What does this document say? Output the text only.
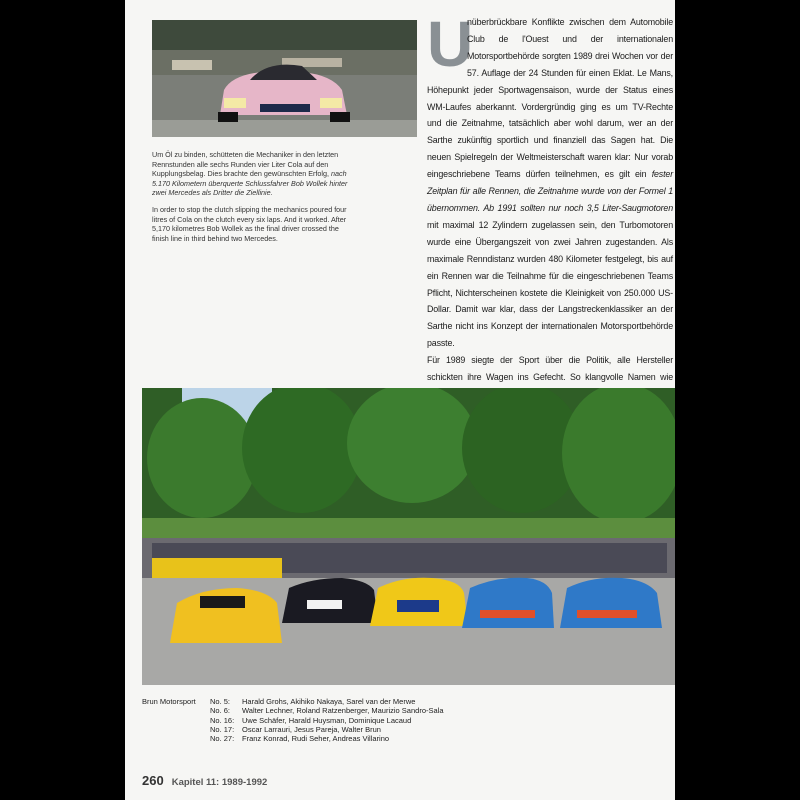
Um Öl zu binden, schütteten die Mechaniker in den letzten Rennstunden alle sechs Runden vier Liter Cola auf den Kupplungsbelag. Dies brachte den gewünschten Erfolg, nach 5.170 Kilometern überquerte Schlussfahrer Bob Wollek hinter zwei Mercedes als Dritter die Ziellinie.

In order to stop the clutch slipping the mechanics poured four litres of Cola on the clutch every six laps. And it worked. After 5,170 kilometres Bob Wollek as the final driver crossed the finish line in third behind two Mercedes.

U

nüberbrückbare Konflikte zwischen dem Automobile Club de l'Ouest und der internationalen Motorsportbehörde sorgten 1989 drei Wochen vor der 57. Auflage der 24 Stunden für einen Eklat. Le Mans, Höhepunkt jeder Sportwagensaison, wurde der Status eines WM-Laufes aberkannt. Vordergründig ging es um TV-Rechte und die Zeitnahme, tatsächlich aber wohl darum, wer an der Sarthe zukünftig sportlich und finanziell das Sagen hat. Die neuen Spielregeln der Weltmeisterschaft waren klar: Nur vorab eingeschriebene Teams dürfen teilnehmen, es gilt ein fester Zeitplan für alle Rennen, die Zeitnahme wurde von der Formel 1 übernommen. Ab 1991 sollten nur noch 3,5 Liter-Saugmotoren mit maximal 12 Zylindern zugelassen sein, den Turbomotoren wurde eine Übergangszeit von zwei Jahren zugestanden. Als maximale Renndistanz wurden 480 Kilometer festgelegt, bis auf ein Rennen war die Teilnahme für die eingeschriebenen Teams Pflicht, Nichterscheinen kostete die Kleinigkeit von 250.000 US-Dollar. Damit war klar, dass der Langstreckenklassiker an der Sarthe nicht ins Konzept der internationalen Motorsportbehörde passte.
Für 1989 siegte der Sport über die Politik, alle Hersteller schickten ihre Wagen ins Gefecht. So klangvolle Namen wie

Brun Motorsport No. 5:	Harald Grohs, Akihiko Nakaya, Sarel van der Merwe
No. 6:	Walter Lechner, Roland Ratzenberger, Maurizio Sandro-Sala
No. 16:	Uwe Schäfer, Harald Huysman, Dominique Lacaud
No. 17:	Oscar Larrauri, Jesus Pareja, Walter Brun
No. 27:	Franz Konrad, Rudi Seher, Andreas Villarino
260 Kapitel 11: 1989-1992
